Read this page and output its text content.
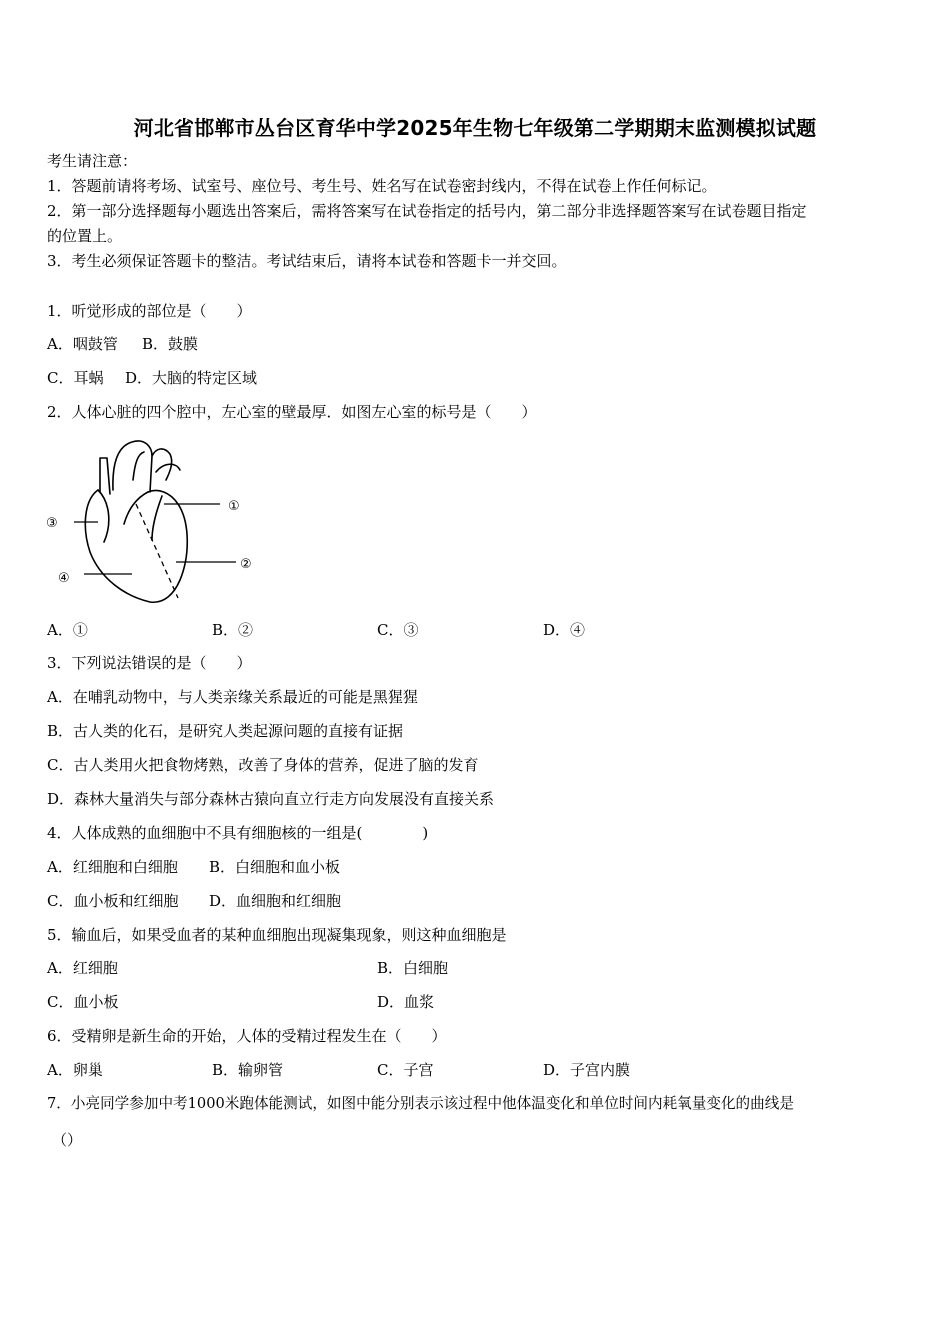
河北省邯郸市丛台区育华中学2025年生物七年级第二学期期末监测模拟试题
考生请注意：
1．答题前请将考场、试室号、座位号、考生号、姓名写在试卷密封线内，不得在试卷上作任何标记。
2．第一部分选择题每小题选出答案后，需将答案写在试卷指定的括号内，第二部分非选择题答案写在试卷题目指定
的位置上。
3．考生必须保证答题卡的整洁。考试结束后，请将本试卷和答题卡一并交回。
1．听觉形成的部位是（　　）
A．咽鼓管 B．鼓膜
C．耳蜗 D．大脑的特定区域
2．人体心脏的四个腔中，左心室的壁最厚．如图左心室的标号是（　　）
①
②
③
④
A．①	B．②	C．③	D．④
3．下列说法错误的是（　　）
A．在哺乳动物中，与人类亲缘关系最近的可能是黑猩猩
B．古人类的化石，是研究人类起源问题的直接有证据
C．古人类用火把食物烤熟，改善了身体的营养，促进了脑的发育
D．森林大量消失与部分森林古猿向直立行走方向发展没有直接关系
4．人体成熟的血细胞中不具有细胞核的一组是(　　　　)
A．红细胞和白细胞 B．白细胞和血小板
C．血小板和红细胞 D．血细胞和红细胞
5．输血后，如果受血者的某种血细胞出现凝集现象，则这种血细胞是
A．红细胞	B．白细胞
C．血小板	D．血浆
6．受精卵是新生命的开始，人体的受精过程发生在（　　）
A．卵巢	B．输卵管	C．子宫	D．子宫内膜
7．小亮同学参加中考1000米跑体能测试，如图中能分别表示该过程中他体温变化和单位时间内耗氧量变化的曲线是
（）
